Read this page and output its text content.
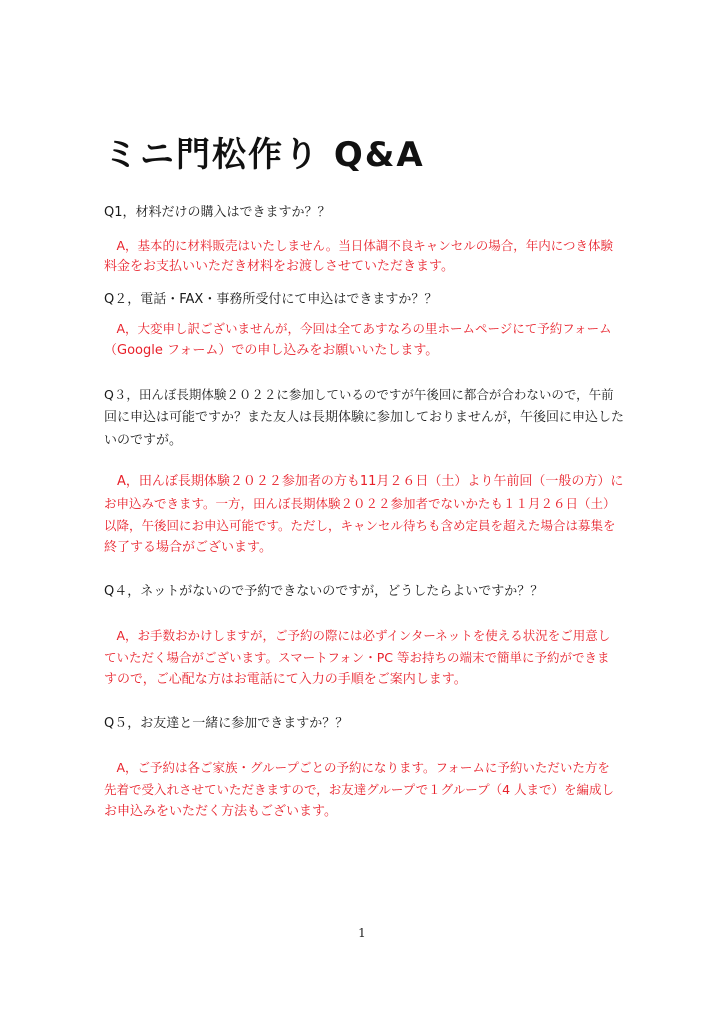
ミニ門松作り Q&A

Q1，材料だけの購入はできますか？？

　A，基本的に材料販売はいたしません。当日体調不良キャンセルの場合，年内につき体験

料金をお支払いいただき材料をお渡しさせていただきます。

Q２，電話・FAX・事務所受付にて申込はできますか？？

　A，大変申し訳ございませんが，今回は全てあすなろの里ホームページにて予約フォーム

（Google フォーム）での申し込みをお願いいたします。

Q３，田んぼ長期体験２０２２に参加しているのですが午後回に都合が合わないので，午前

回に申込は可能ですか？また友人は長期体験に参加しておりませんが，午後回に申込した

いのですが。

　A，田んぼ長期体験２０２２参加者の方も11月２６日（土）より午前回（一般の方）に

お申込みできます。一方，田んぼ長期体験２０２２参加者でないかたも１１月２６日（土）

以降，午後回にお申込可能です。ただし，キャンセル待ちも含め定員を超えた場合は募集を

終了する場合がございます。

Q４，ネットがないので予約できないのですが，どうしたらよいですか？？

　A，お手数おかけしますが，ご予約の際には必ずインターネットを使える状況をご用意し

ていただく場合がございます。スマートフォン・PC 等お持ちの端末で簡単に予約ができま

すので，ご心配な方はお電話にて入力の手順をご案内します。

Q５，お友達と一緒に参加できますか？？

　A，ご予約は各ご家族・グループごとの予約になります。フォームに予約いただいた方を

先着で受入れさせていただきますので，お友達グループで１グループ（4 人まで）を編成し

お申込みをいただく方法もございます。

1
